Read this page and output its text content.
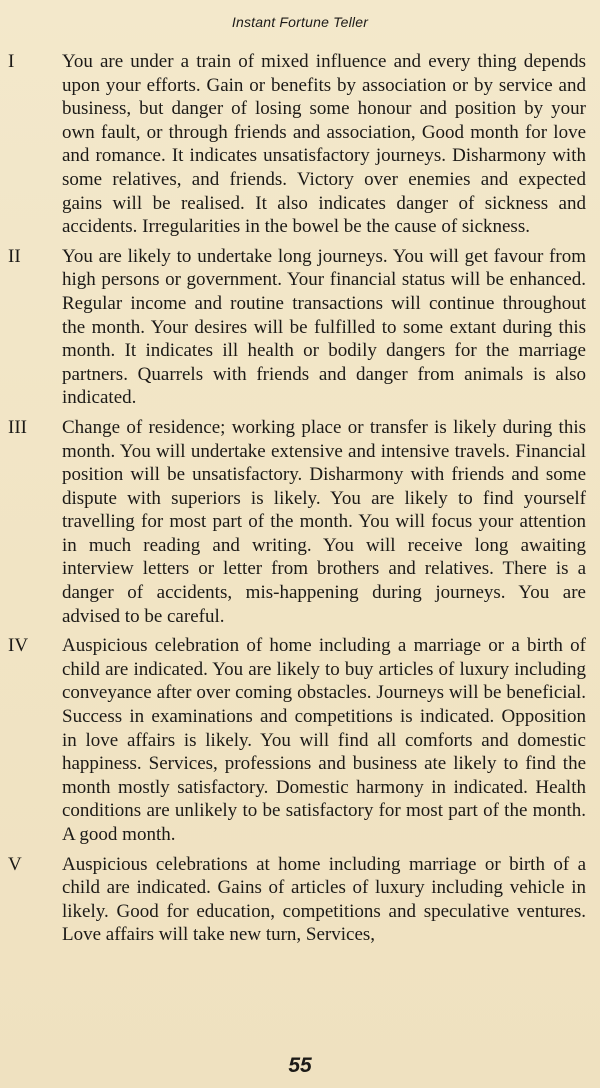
Instant Fortune Teller
I	You are under a train of mixed influence and every thing depends upon your efforts. Gain or benefits by association or by service and business, but danger of losing some honour and position by your own fault, or through friends and association, Good month for love and romance. It indicates unsatisfactory journeys. Disharmony with some relatives, and friends. Victory over enemies and expected gains will be realised. It also indicates danger of sickness and accidents. Irregularities in the bowel be the cause of sickness.
II You are likely to undertake long journeys. You will get favour from high persons or government. Your financial status will be enhanced. Regular income and routine transactions will continue throughout the month. Your desires will be fulfilled to some extant during this month. It indicates ill health or bodily dangers for the marriage partners. Quarrels with friends and danger from animals is also indicated.
III Change of residence; working place or transfer is likely during this month. You will undertake extensive and intensive travels. Financial position will be unsatisfactory. Disharmony with friends and some dispute with superiors is likely. You are likely to find yourself travelling for most part of the month. You will focus your attention in much reading and writing. You will receive long awaiting interview letters or letter from brothers and relatives. There is a danger of accidents, mis-happening during journeys. You are advised to be careful.
IV Auspicious celebration of home including a marriage or a birth of child are indicated. You are likely to buy articles of luxury including conveyance after over coming obstacles. Journeys will be beneficial. Success in examinations and competitions is indicated. Opposition in love affairs is likely. You will find all comforts and domestic happiness. Services, professions and business ate likely to find the month mostly satisfactory. Domestic harmony in indicated. Health conditions are unlikely to be satisfactory for most part of the month. A good month.
V Auspicious celebrations at home including marriage or birth of a child are indicated. Gains of articles of luxury including vehicle in likely. Good for education, competitions and speculative ventures. Love affairs will take new turn, Services,
55
